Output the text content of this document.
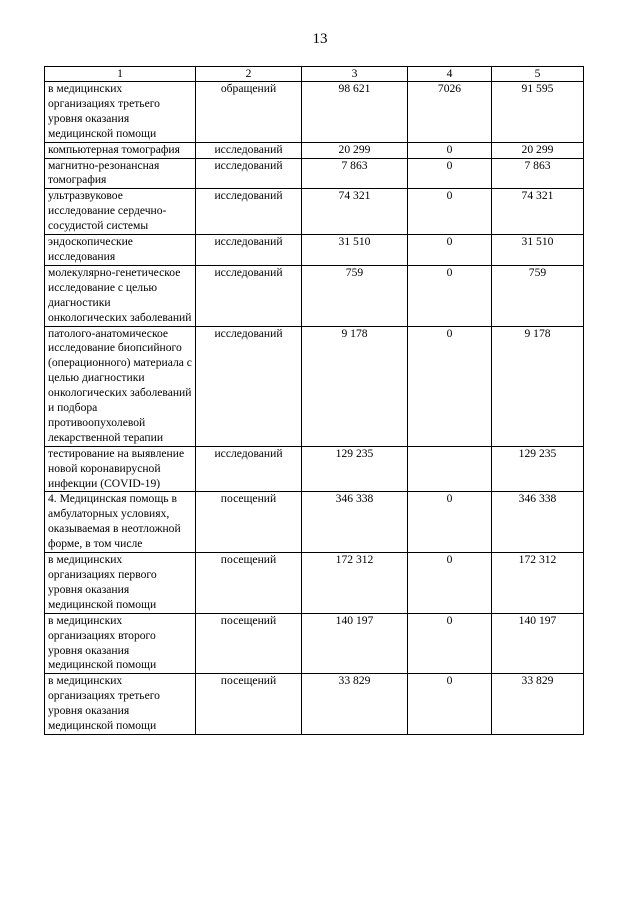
13
1	2	3	4	5
в медицинских организациях третьего уровня оказания медицинской помощи	обращений	98 621	7026	91 595
компьютерная томография	исследований	20 299	0	20 299
магнитно-резонансная томография	исследований	7 863	0	7 863
ультразвуковое исследование сердечно-сосудистой системы	исследований	74 321	0	74 321
эндоскопические исследования	исследований	31 510	0	31 510
молекулярно-генетическое исследование с целью диагностики онкологических заболеваний	исследований	759	0	759
патолого-анатомическое исследование биопсийного (операционного) материала с целью диагностики онкологических заболеваний и подбора противоопухолевой лекарственной терапии	исследований	9 178	0	9 178
тестирование на выявление новой коронавирусной инфекции (COVID-19)	исследований	129 235		129 235
4. Медицинская помощь в амбулаторных условиях, оказываемая в неотложной форме, в том числе	посещений	346 338	0	346 338
в медицинских организациях первого уровня оказания медицинской помощи	посещений	172 312	0	172 312
в медицинских организациях второго уровня оказания медицинской помощи	посещений	140 197	0	140 197
в медицинских организациях третьего уровня оказания медицинской помощи	посещений	33 829	0	33 829
